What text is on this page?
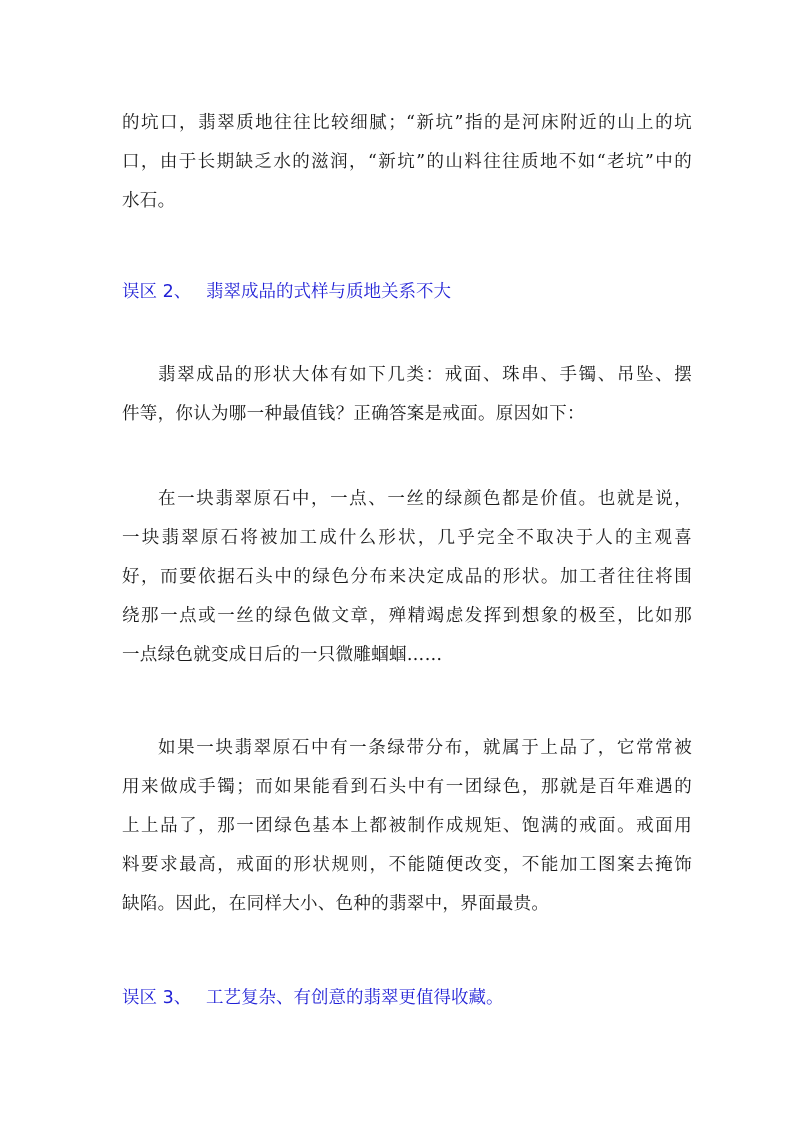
的坑口，翡翠质地往往比较细腻；“新坑”指的是河床附近的山上的坑
口，由于长期缺乏水的滋润，“新坑”的山料往往质地不如“老坑”中的
水石。
误区 2、 翡翠成品的式样与质地关系不大
翡翠成品的形状大体有如下几类：戒面、珠串、手镯、吊坠、摆
件等，你认为哪一种最值钱？正确答案是戒面。原因如下：
在一块翡翠原石中，一点、一丝的绿颜色都是价值。也就是说，
一块翡翠原石将被加工成什么形状，几乎完全不取决于人的主观喜
好，而要依据石头中的绿色分布来决定成品的形状。加工者往往将围
绕那一点或一丝的绿色做文章，殚精竭虑发挥到想象的极至，比如那
一点绿色就变成日后的一只微雕蝈蝈……
如果一块翡翠原石中有一条绿带分布，就属于上品了，它常常被
用来做成手镯；而如果能看到石头中有一团绿色，那就是百年难遇的
上上品了，那一团绿色基本上都被制作成规矩、饱满的戒面。戒面用
料要求最高，戒面的形状规则，不能随便改变，不能加工图案去掩饰
缺陷。因此，在同样大小、色种的翡翠中，界面最贵。
误区 3、 工艺复杂、有创意的翡翠更值得收藏。
